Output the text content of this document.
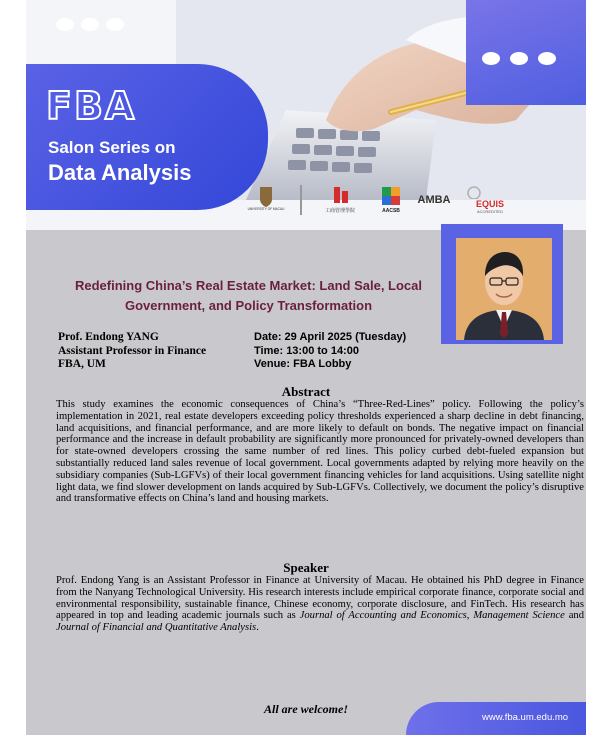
FBA
Salon Series on
Data Analysis
UNIVERSITY OF MACAU	工商管理學院	AACSB
AMBA	EQUIS
ACCREDITED
Redefining China’s Real Estate Market: Land Sale, Local
Government, and Policy Transformation
Prof. Endong YANG
Assistant Professor in Finance
FBA, UM
Date: 29 April 2025 (Tuesday)
Time: 13:00 to 14:00
Venue: FBA Lobby
Abstract
This study examines the economic consequences of China’s “Three-Red-Lines” policy. Following the policy’s implementation in 2021, real estate developers exceeding policy thresholds experienced a sharp decline in debt financing, land acquisitions, and financial performance, and are more likely to default on bonds. The negative impact on financial performance and the increase in default probability are significantly more pronounced for privately-owned developers than for state-owned developers crossing the same number of red lines. This policy curbed debt-fueled expansion but substantially reduced land sales revenue of local government. Local governments adapted by relying more heavily on the subsidiary companies (Sub-LGFVs) of their local government financing vehicles for land acquisitions. Using satellite night light data, we find slower development on lands acquired by Sub-LGFVs. Collectively, we document the policy’s disruptive and transformative effects on China’s land and housing markets.
Speaker
Prof. Endong Yang is an Assistant Professor in Finance at University of Macau. He obtained his PhD degree in Finance from the Nanyang Technological University. His research interests include empirical corporate finance, corporate social and environmental responsibility, sustainable finance, Chinese economy, corporate disclosure, and FinTech. His research has appeared in top and leading academic journals such as Journal of Accounting and Economics, Management Science and Journal of Financial and Quantitative Analysis.
All are welcome!
www.fba.um.edu.mo
